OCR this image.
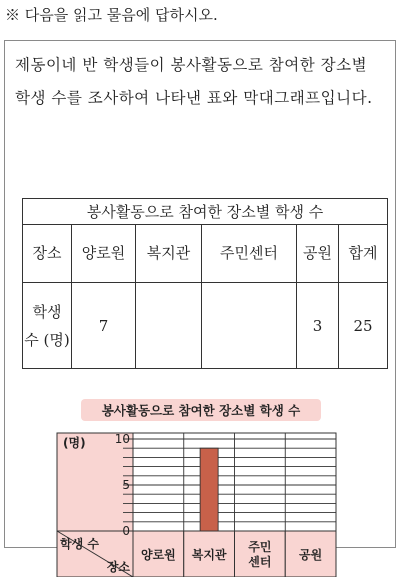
※ 다음을 읽고 물음에 답하시오.
제동이네 반 학생들이 봉사활동으로 참여한 장소별 학생 수를 조사하여 나타낸 표와 막대그래프입니다.
봉사활동으로 참여한 장소별 학생 수					
장소	양로원	복지관	주민센터	공원	합계
학생 수 (명)	7			3	25
봉사활동으로 참여한 장소별 학생 수
0
5
10
(명)
학생 수
장소
양로원 복지관
주민
센터 공원
